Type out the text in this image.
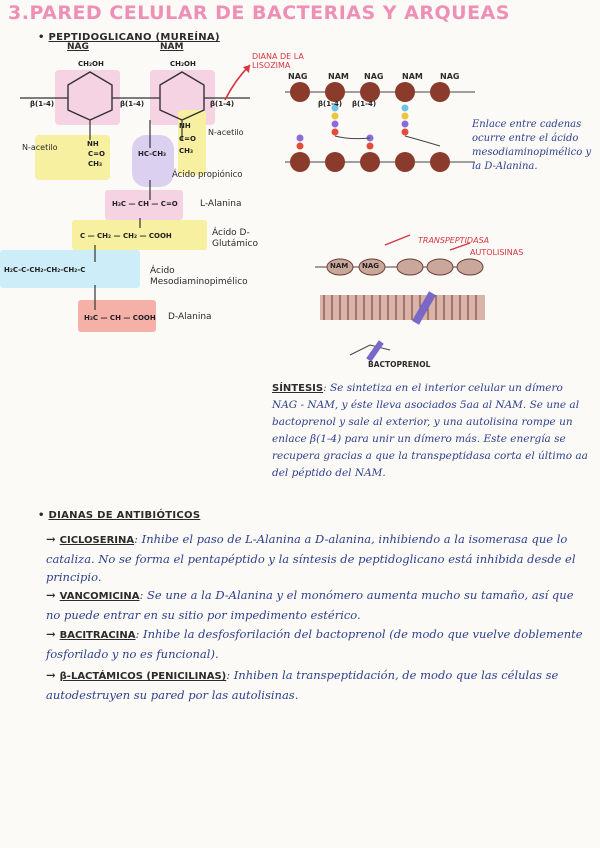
3.PARED CELULAR DE BACTERIAS Y ARQUEAS
• PEPTIDOGLICANO (MUREÍNA)
NAG	NAM
CH₂OH	CH₂OH
DIANA DE LA LISOZIMA
β(1-4)	β(1-4)	β(1-4)
NH
C=O
CH₃
N-acetilo
NH
C=O
CH₃
N-acetilo
HC-CH₃
Ácido propiónico
H₃C — CH — C=O L-Alanina
C — CH₂ — CH₂ — COOH	Ácido D-Glutámico
H₂C-C-CH₂-CH₂-CH₂-C	Ácido Mesodiaminopimélico
H₃C — CH — COOH D-Alanina
NAG	NAM NAG NAM NAG
β(1-4) β(1-4)
Enlace entre cadenas ocurre entre el ácido mesodiaminopimélico y la D-Alanina.
TRANSPEPTIDASA
AUTOLISINAS
NAM NAG
BACTOPRENOL
SÍNTESIS: Se sintetiza en el interior celular un dímero NAG - NAM, y éste lleva asociados 5aa al NAM. Se une al bactoprenol y sale al exterior, y una autolisina rompe un enlace β(1-4) para unir un dímero más. Este energía se recupera gracias a que la transpeptidasa corta el último aa del péptido del NAM.
• DIANAS DE ANTIBIÓTICOS
→ CICLOSERINA: Inhibe el paso de L-Alanina a D-alanina, inhibiendo a la isomerasa que lo cataliza. No se forma el pentapéptido y la síntesis de peptidoglicano está inhibida desde el principio.
→ VANCOMICINA: Se une a la D-Alanina y el monómero aumenta mucho su tamaño, así que no puede entrar en su sitio por impedimento estérico.
→ BACITRACINA: Inhibe la desfosforilación del bactoprenol (de modo que vuelve doblemente fosforilado y no es funcional).
→ β-LACTÁMICOS (PENICILINAS): Inhiben la transpeptidación, de modo que las células se autodestruyen su pared por las autolisinas.
